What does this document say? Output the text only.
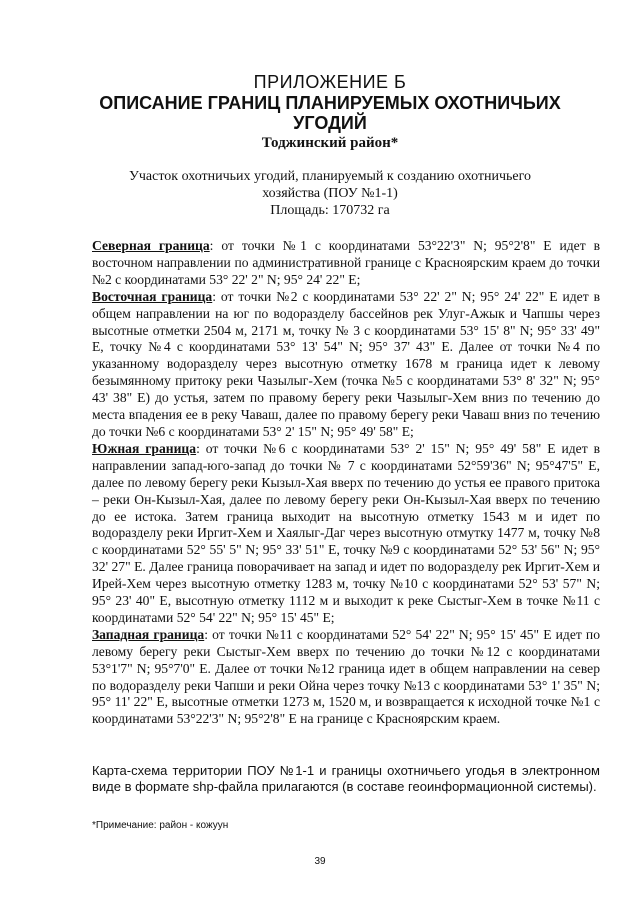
ПРИЛОЖЕНИЕ Б
ОПИСАНИЕ ГРАНИЦ ПЛАНИРУЕМЫХ ОХОТНИЧЬИХ УГОДИЙ
Тоджинский район*
Участок охотничьих угодий, планируемый к созданию охотничьего
хозяйства (ПОУ №1-1)
Площадь: 170732 га

Северная граница: от точки №1 с координатами 53°22'3" N; 95°2'8" E идет в восточном направлении по административной границе с Красноярским краем до точки №2 с координатами 53° 22' 2" N; 95° 24' 22" E;

Восточная граница: от точки №2 с координатами 53° 22' 2" N; 95° 24' 22" E идет в общем направлении на юг по водоразделу бассейнов рек Улуг-Ажык и Чапшы через высотные отметки 2504 м, 2171 м, точку № 3 с координатами 53° 15' 8" N; 95° 33' 49" E, точку №4 с координатами 53° 13' 54" N; 95° 37' 43" E. Далее от точки №4 по указанному водоразделу через высотную отметку 1678 м граница идет к левому безымянному притоку реки Чазылыг-Хем (точка №5 с координатами 53° 8' 32" N; 95° 43' 38" E) до устья, затем по правому берегу реки Чазылыг-Хем вниз по течению до места впадения ее в реку Чаваш, далее по правому берегу реки Чаваш вниз по течению до точки №6 с координатами 53° 2' 15" N; 95° 49' 58" E;

Южная граница: от точки №6 с координатами 53° 2' 15" N; 95° 49' 58" E идет в направлении запад-юго-запад до точки № 7 с координатами 52°59'36" N; 95°47'5" E, далее по левому берегу реки Кызыл-Хая вверх по течению до устья ее правого притока – реки Он-Кызыл-Хая, далее по левому берегу реки Он-Кызыл-Хая вверх по течению до ее истока. Затем граница выходит на высотную отметку 1543 м и идет по водоразделу реки Иргит-Хем и Хаялыг-Даг через высотную отмутку 1477 м, точку №8 с координатами 52° 55' 5" N; 95° 33' 51" E, точку №9 с координатами 52° 53' 56" N; 95° 32' 27" E. Далее граница поворачивает на запад и идет по водоразделу рек Иргит-Хем и Ирей-Хем через высотную отметку 1283 м, точку №10 с координатами 52° 53' 57" N; 95° 23' 40" E, высотную отметку 1112 м и выходит к реке Сыстыг-Хем в точке №11 с координатами 52° 54' 22" N; 95° 15' 45" E;

Западная граница: от точки №11 с координатами 52° 54' 22" N; 95° 15' 45" E идет по левому берегу реки Сыстыг-Хем вверх по течению до точки №12 с координатами 53°1'7" N; 95°7'0" E. Далее от точки №12 граница идет в общем направлении на север по водоразделу реки Чапши и реки Ойна через точку №13 с координатами 53° 1' 35" N; 95° 11' 22" E, высотные отметки 1273 м, 1520 м, и возвращается к исходной точке №1 с координатами 53°22'3" N; 95°2'8" E на границе с Красноярским краем.

Карта-схема территории ПОУ №1-1 и границы охотничьего угодья в электронном виде в формате shp-файла прилагаются (в составе геоинформационной системы).

*Примечание: район - кожуун

39
